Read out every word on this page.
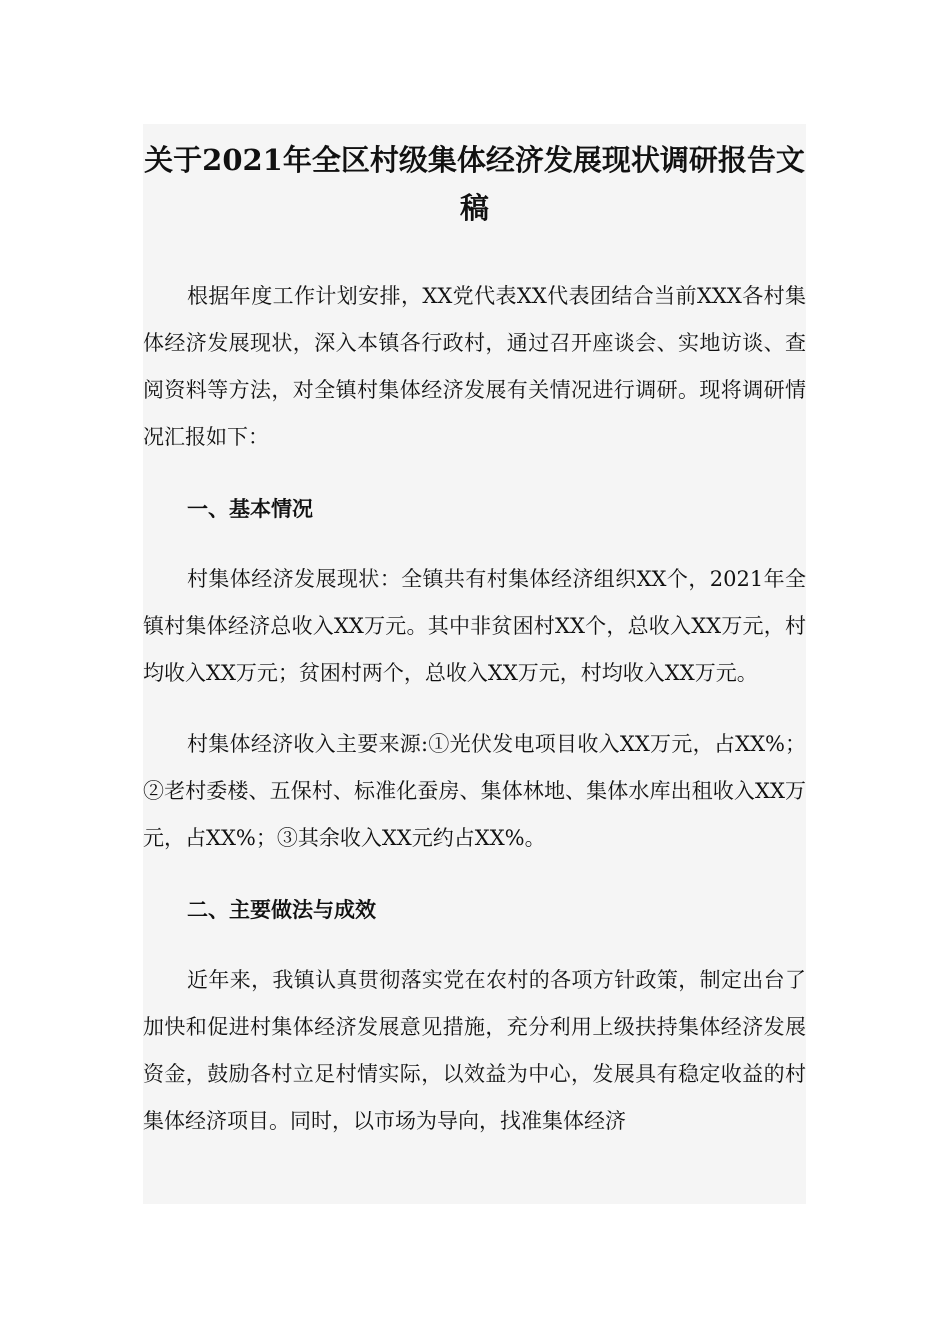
关于2021年全区村级集体经济发展现状调研报告文稿

根据年度工作计划安排，XX党代表XX代表团结合当前XXX各村集体经济发展现状，深入本镇各行政村，通过召开座谈会、实地访谈、查阅资料等方法，对全镇村集体经济发展有关情况进行调研。现将调研情况汇报如下：

一、基本情况

村集体经济发展现状：全镇共有村集体经济组织XX个，2021年全镇村集体经济总收入XX万元。其中非贫困村XX个，总收入XX万元，村均收入XX万元；贫困村两个，总收入XX万元，村均收入XX万元。

村集体经济收入主要来源:①光伏发电项目收入XX万元，占XX%；②老村委楼、五保村、标准化蚕房、集体林地、集体水库出租收入XX万元，占XX%；③其余收入XX元约占XX%。

二、主要做法与成效

近年来，我镇认真贯彻落实党在农村的各项方针政策，制定出台了加快和促进村集体经济发展意见措施，充分利用上级扶持集体经济发展资金，鼓励各村立足村情实际，以效益为中心，发展具有稳定收益的村集体经济项目。同时，以市场为导向，找准集体经济
